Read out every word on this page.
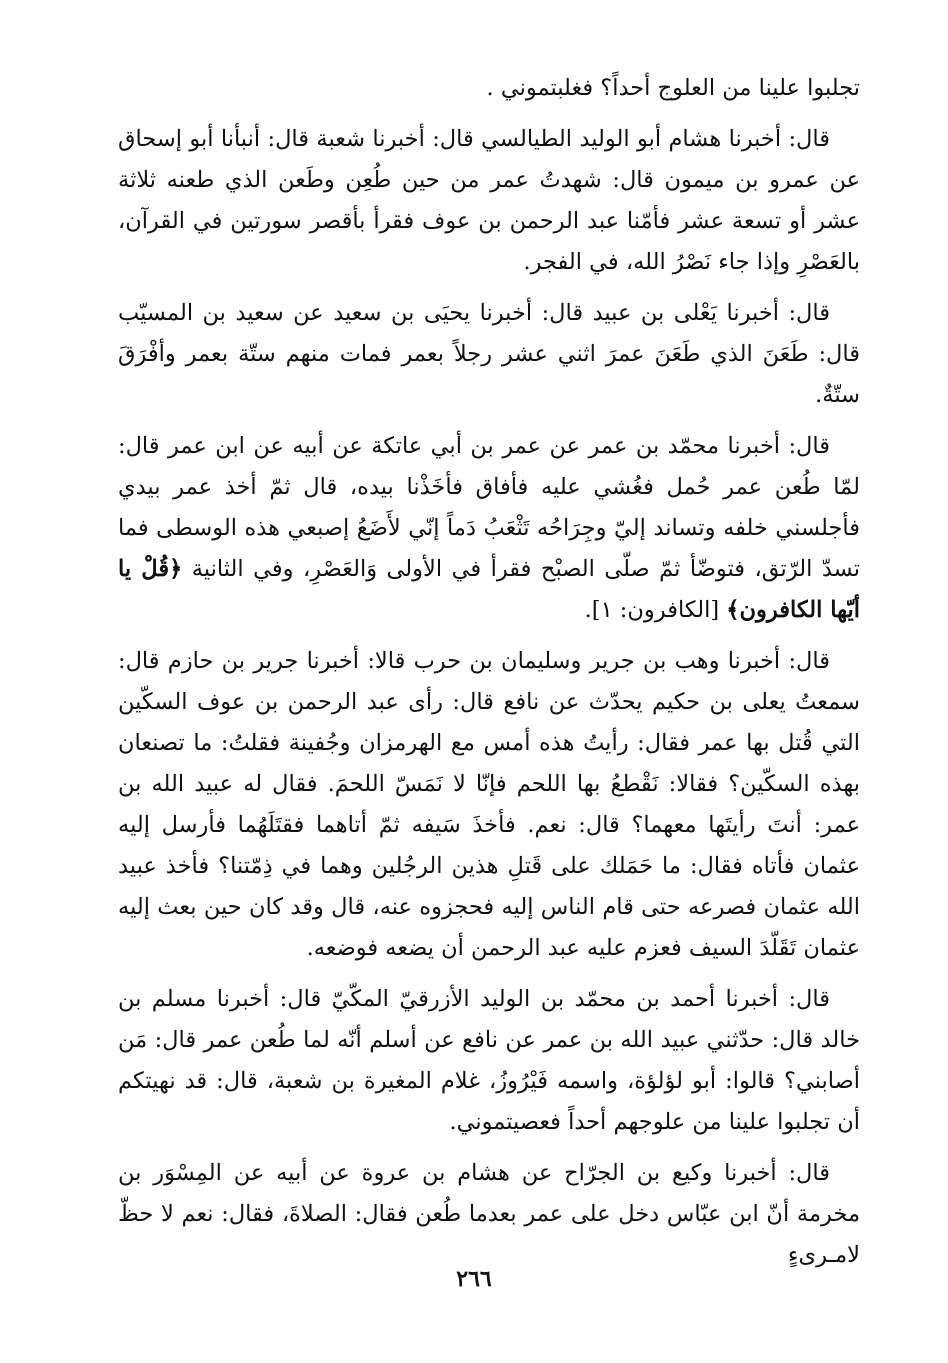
تجلبوا علينا من العلوج أحداً؟ فغلبتموني .

قال: أخبرنا هشام أبو الوليد الطيالسي قال: أخبرنا شعبة قال: أنبأنا أبو إسحاق عن عمرو بن ميمون قال: شهدتُ عمر من حين طُعِن وطَعن الذي طعنه ثلاثة عشر أو تسعة عشر فأمّنا عبد الرحمن بن عوف فقرأ بأقصر سورتين في القرآن، بالعَصْرِ وإذا جاء نَصْرُ الله، في الفجر.

قال: أخبرنا يَعْلى بن عبيد قال: أخبرنا يحيَى بن سعيد عن سعيد بن المسيّب قال: طَعَنَ الذي طَعَنَ عمرَ اثني عشر رجلاً بعمر فمات منهم ستّة بعمر وأفْرَقَ ستّةٌ.

قال: أخبرنا محمّد بن عمر عن عمر بن أبي عاتكة عن أبيه عن ابن عمر قال: لمّا طُعن عمر حُمل فغُشي عليه فأفاق فأخَذْنا بيده، قال ثمّ أخذ عمر بيدي فأجلسني خلفه وتساند إليّ وجِرَاحُه تَثْعَبُ دَماً إنّي لأَضَعُ إصبعي هذه الوسطى فما تسدّ الرّتق، فتوضّأ ثمّ صلّى الصبْح فقرأ في الأولى وَالعَصْرِ، وفي الثانية ﴿قُلْ يا أيّها الكافرون﴾ [الكافرون: ١].

قال: أخبرنا وهب بن جرير وسليمان بن حرب قالا: أخبرنا جرير بن حازم قال: سمعتُ يعلى بن حكيم يحدّث عن نافع قال: رأى عبد الرحمن بن عوف السكّين التي قُتل بها عمر فقال: رأيتُ هذه أمس مع الهرمزان وجُفينة فقلتُ: ما تصنعان بهذه السكّين؟ فقالا: نَقْطعُ بها اللحم فإنّا لا نَمَسّ اللحمَ. فقال له عبيد الله بن عمر: أنتَ رأيتَها معهما؟ قال: نعم. فأخذَ سَيفه ثمّ أتاهما فقتَلَهُما فأرسل إليه عثمان فأتاه فقال: ما حَمَلك على قَتلِ هذين الرجُلين وهما في ذِمّتنا؟ فأخذ عبيد الله عثمان فصرعه حتى قام الناس إليه فحجزوه عنه، قال وقد كان حين بعث إليه عثمان تَقَلّدَ السيف فعزم عليه عبد الرحمن أن يضعه فوضعه.

قال: أخبرنا أحمد بن محمّد بن الوليد الأزرقيّ المكّيّ قال: أخبرنا مسلم بن خالد قال: حدّثني عبيد الله بن عمر عن نافع عن أسلم أنّه لما طُعن عمر قال: مَن أصابني؟ قالوا: أبو لؤلؤة، واسمه فَيْرُوزُ، غلام المغيرة بن شعبة، قال: قد نهيتكم أن تجلبوا علينا من علوجهم أحداً فعصيتموني.

قال: أخبرنا وكيع بن الجرّاح عن هشام بن عروة عن أبيه عن المِسْوَر بن مخرمة أنّ ابن عبّاس دخل على عمر بعدما طُعن فقال: الصلاةَ، فقال: نعم لا حظّ لامـرىءٍ

٢٦٦
